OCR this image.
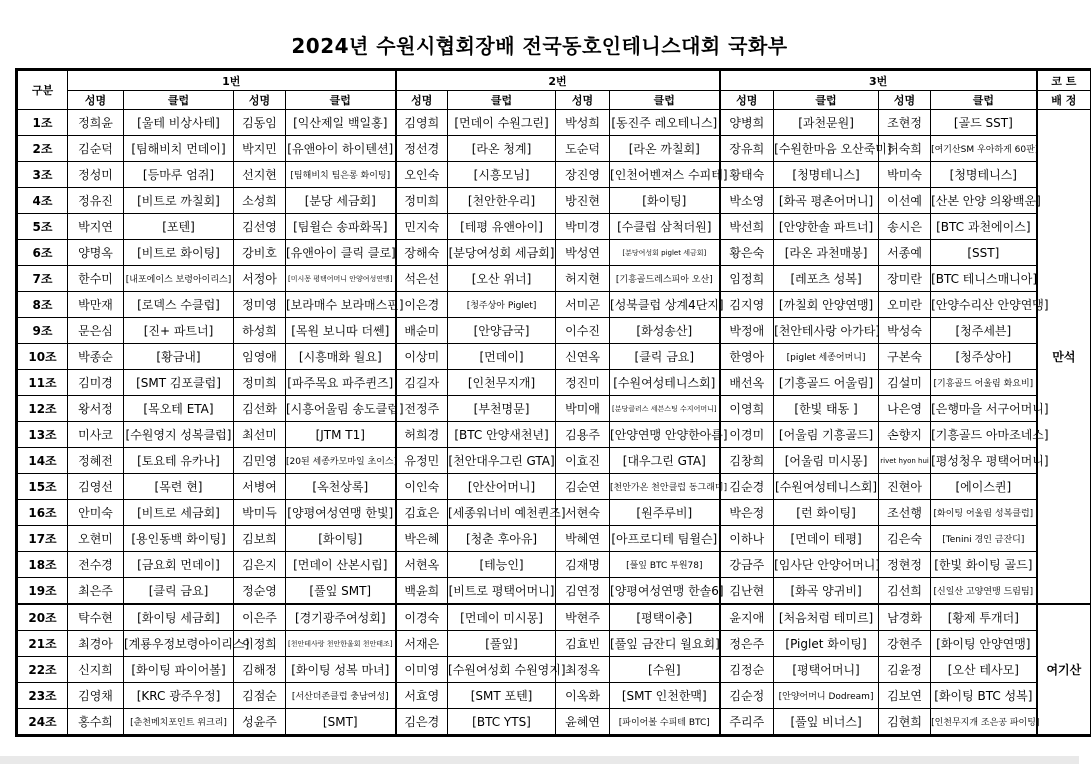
2024년 수원시협회장배 전국동호인테니스대회 국화부
구분	1번				2번				3번				코 트
	성명	클럽	성명	클럽	성명	클럽	성명	클럽	성명	클럽	성명	클럽	배 정
1조	정희윤	[울테 비상사테]	김동임	[익산제일 백일홍]	김영희	[먼데이 수원그린]	박성희	[동진주 레오테니스]	양병희	[과천문원]	조현정	[골드 SST]	만석
2조	김순덕	[팀해비치 먼데이]	박지민	[유앤아이 하이텐션]	정선경	[라온 청계]	도순덕	[라온 까칠회]	장유희	[수원한마음 오산죽미]	허숙희	[여기산SM 우아하게 60판]	
3조	정성미	[등마루 엄쥐]	선지현	[팀해비치 팀은롱 화이팅]	오인숙	[시흥모님]	장진영	[인천어벤져스 수피테]	황태숙	[청명테니스]	박미숙	[청명테니스]	
4조	정유진	[비트로 까칠회]	소성희	[분당 세금회]	정미희	[천안한우리]	방진현	[화이팅]	박소영	[화곡 평촌어머니]	이선예	[산본 안양 의왕백운]	
5조	박지연	[포텐]	김선영	[팀윌슨 송파화목]	민지숙	[테평 유앤아이]	박미경	[수클럽 삼척더원]	박선희	[안양한솔 파트너]	송시은	[BTC 과천에이스]	
6조	양명옥	[비트로 화이팅]	강비호	[유앤아이 클릭 클로]	장해숙	[분당여성회 세금회]	박성연	[분당여성회 piglet 세금회]	황은숙	[라온 과천매봉]	서종예	[SST]	
7조	한수미	[내포에이스 보령아이리스]	서정아	[미시몽 평택어머니 안양여성연맹]	석은선	[오산 위너]	허지현	[기흥골드레스피아 오산]	임정희	[레포츠 성복]	장미란	[BTC 테니스매니아]	
8조	박만재	[로덱스 수클럽]	정미영	[보라매수 보라매스핀]	이은경	[청주상아 Piglet]	서미곤	[성북클럽 상계4단지]	김지영	[까칠회 안양연맹]	오미란	[안양수리산 안양연맹]	
9조	문은심	[진+ 파트너]	하성희	[목원 보니따 더쎈]	배순미	[안양금국]	이수진	[화성송산]	박정애	[천안테사랑 아가타]	박성숙	[청주세븐]	
10조	박종순	[황금내]	임영애	[시흥매화 월요]	이상미	[먼데이]	신연옥	[클릭 금요]	한영아	[piglet 세종어머니]	구본숙	[청주상아]	
11조	김미경	[SMT 김포클럽]	정미희	[파주목요 파주퀸즈]	김길자	[인천무지개]	정진미	[수원여성테니스회]	배선옥	[기흥골드 어울림]	김설미	[기흥골드 어울림 화요비]	
12조	왕서정	[목오테 ETA]	김선화	[시흥어울림 송도클럽]	전정주	[부천명문]	박미애	[분당클러스 세븐스팅 수지어머니]	이영희	[한빛 태동 ]	나은영	[은행마을 서구어머니]	
13조	미사코	[수원영지 성복클럽]	최선미	[JTM T1]	허희경	[BTC 안양새천년]	김용주	[안양연맹 안양한아름]	이경미	[어울림 기흥골드]	손향지	[기흥골드 아마조네스]	
14조	정혜전	[토요테 유카나]	김민영	[20된 세종카모마일 초이스]	유정민	[천안대우그린 GTA]	이효진	[대우그린 GTA]	김창희	[어울림 미시몽]	rivet hyon hui	[평성청우 평택어머니]	
15조	김영선	[목련 현]	서병여	[옥천상록]	이인숙	[안산어머니]	김순연	[천안가온 천안클럽 동그래미]	김순경	[수원여성테니스회]	진현아	[에이스퀸]	
16조	안미숙	[비트로 세금회]	박미득	[양평여성연맹 한빛]	김효은	[세종워너비 예천퀸즈]	서현숙	[원주루비]	박은정	[런 화이팅]	조선행	[화이팅 어울림 성복클럽]	
17조	오현미	[용인동백 화이팅]	김보희	[화이팅]	박은혜	[청춘 후아유]	박혜연	[아프로디테 팀윌슨]	이하나	[먼데이 테평]	김은숙	[Tenini 경인 금잔디]	
18조	전수경	[금요회 먼데이]	김은지	[먼데이 산본시립]	서현옥	[테능인]	김재명	[풀잎 BTC 투원78]	강금주	[임사단 안양어머니]	정현정	[한빛 화이팅 골드]	
19조	최은주	[클릭 금요]	정순영	[풀잎 SMT]	백윤희	[비트로 평택어머니]	김연정	[양평여성연맹 한솔6]	김난현	[화곡 양귀비]	김선희	[신일산 고양연맹 드림팀]	
20조	탁수현	[화이팅 세금회]	이은주	[경기광주여성회]	이경숙	[먼데이 미시몽]	박현주	[평택이충]	윤지애	[처음처럼 테미르]	남경화	[황제 투개더]	여기산
21조	최경아	[계룡우정보령아이리스]	이정희	[천안테사랑 천안한울회 천안태조]	서재은	[풀잎]	김효빈	[풀잎 금잔디 월요회]	정은주	[Piglet 화이팅]	강현주	[화이팅 안양연맹]	
22조	신지희	[화이팅 파이어볼]	김해정	[화이팅 성복 마녀]	이미영	[수원여성회 수원영지]	최정옥	[수원]	김정순	[평택어머니]	김윤정	[오산 테사모]	
23조	김영채	[KRC 광주우정]	김점순	[서산더존클럽 충남여성]	서효영	[SMT 포텐]	이옥화	[SMT 인천한맥]	김순정	[안양어머니 Dodream]	김보연	[화이팅 BTC 성복]	
24조	홍수희	[춘천메치포인트 위크리]	성윤주	[SMT]	김은경	[BTC YTS]	윤혜연	[파이어볼 수피테 BTC]	주리주	[풀잎 비너스]	김현희	[인천무지개 조은공 파이팅]	
